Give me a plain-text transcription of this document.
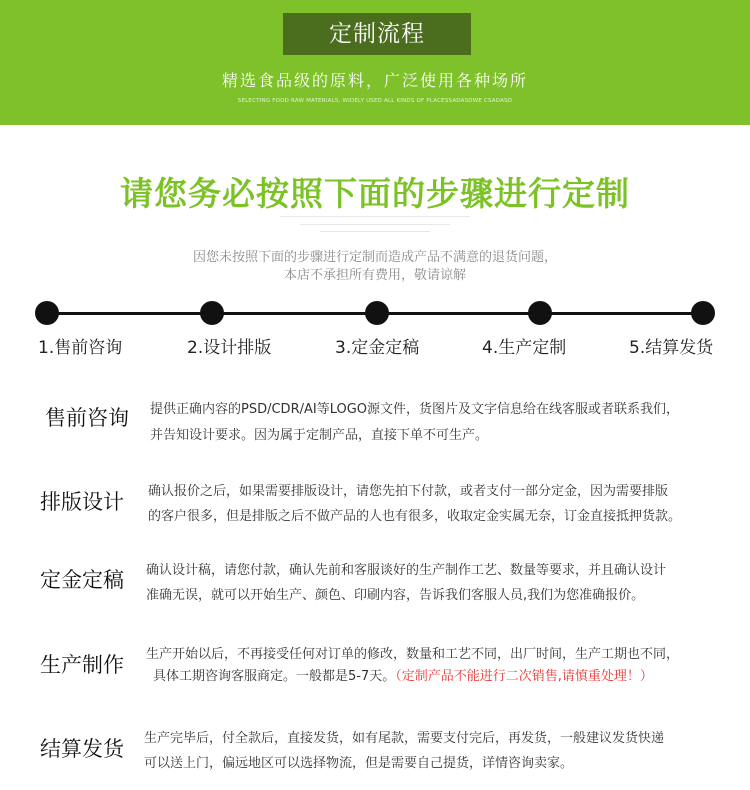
定制流程
精选食品级的原料，广泛使用各种场所
SELECTING FOOD RAW MATERIALS, WIDELY USED ALL KINDS OF PLACESSADASDWE CSADASD
请您务必按照下面的步骤进行定制
因您未按照下面的步骤进行定制而造成产品不满意的退货问题，
本店不承担所有费用，敬请谅解
1.售前咨询	2.设计排版	3.定金定稿	4.生产定制	5.结算发货
售前咨询 提供正确内容的PSD/CDR/AI等LOGO源文件，货图片及文字信息给在线客服或者联系我们，
并告知设计要求。因为属于定制产品，直接下单不可生产。
排版设计 确认报价之后，如果需要排版设计，请您先拍下付款，或者支付一部分定金，因为需要排版
的客户很多，但是排版之后不做产品的人也有很多，收取定金实属无奈，订金直接抵押货款。
定金定稿 确认设计稿，请您付款，确认先前和客服谈好的生产制作工艺、数量等要求，并且确认设计
准确无误，就可以开始生产、颜色、印刷内容，告诉我们客服人员,我们为您准确报价。
生产制作 生产开始以后，不再接受任何对订单的修改，数量和工艺不同，出厂时间，生产工期也不同，
具体工期咨询客服商定。一般都是5-7天。（定制产品不能进行二次销售,请慎重处理！）
结算发货 生产完毕后，付全款后，直接发货，如有尾款，需要支付完后，再发货，一般建议发货快递
可以送上门，偏远地区可以选择物流，但是需要自己提货，详情咨询卖家。
